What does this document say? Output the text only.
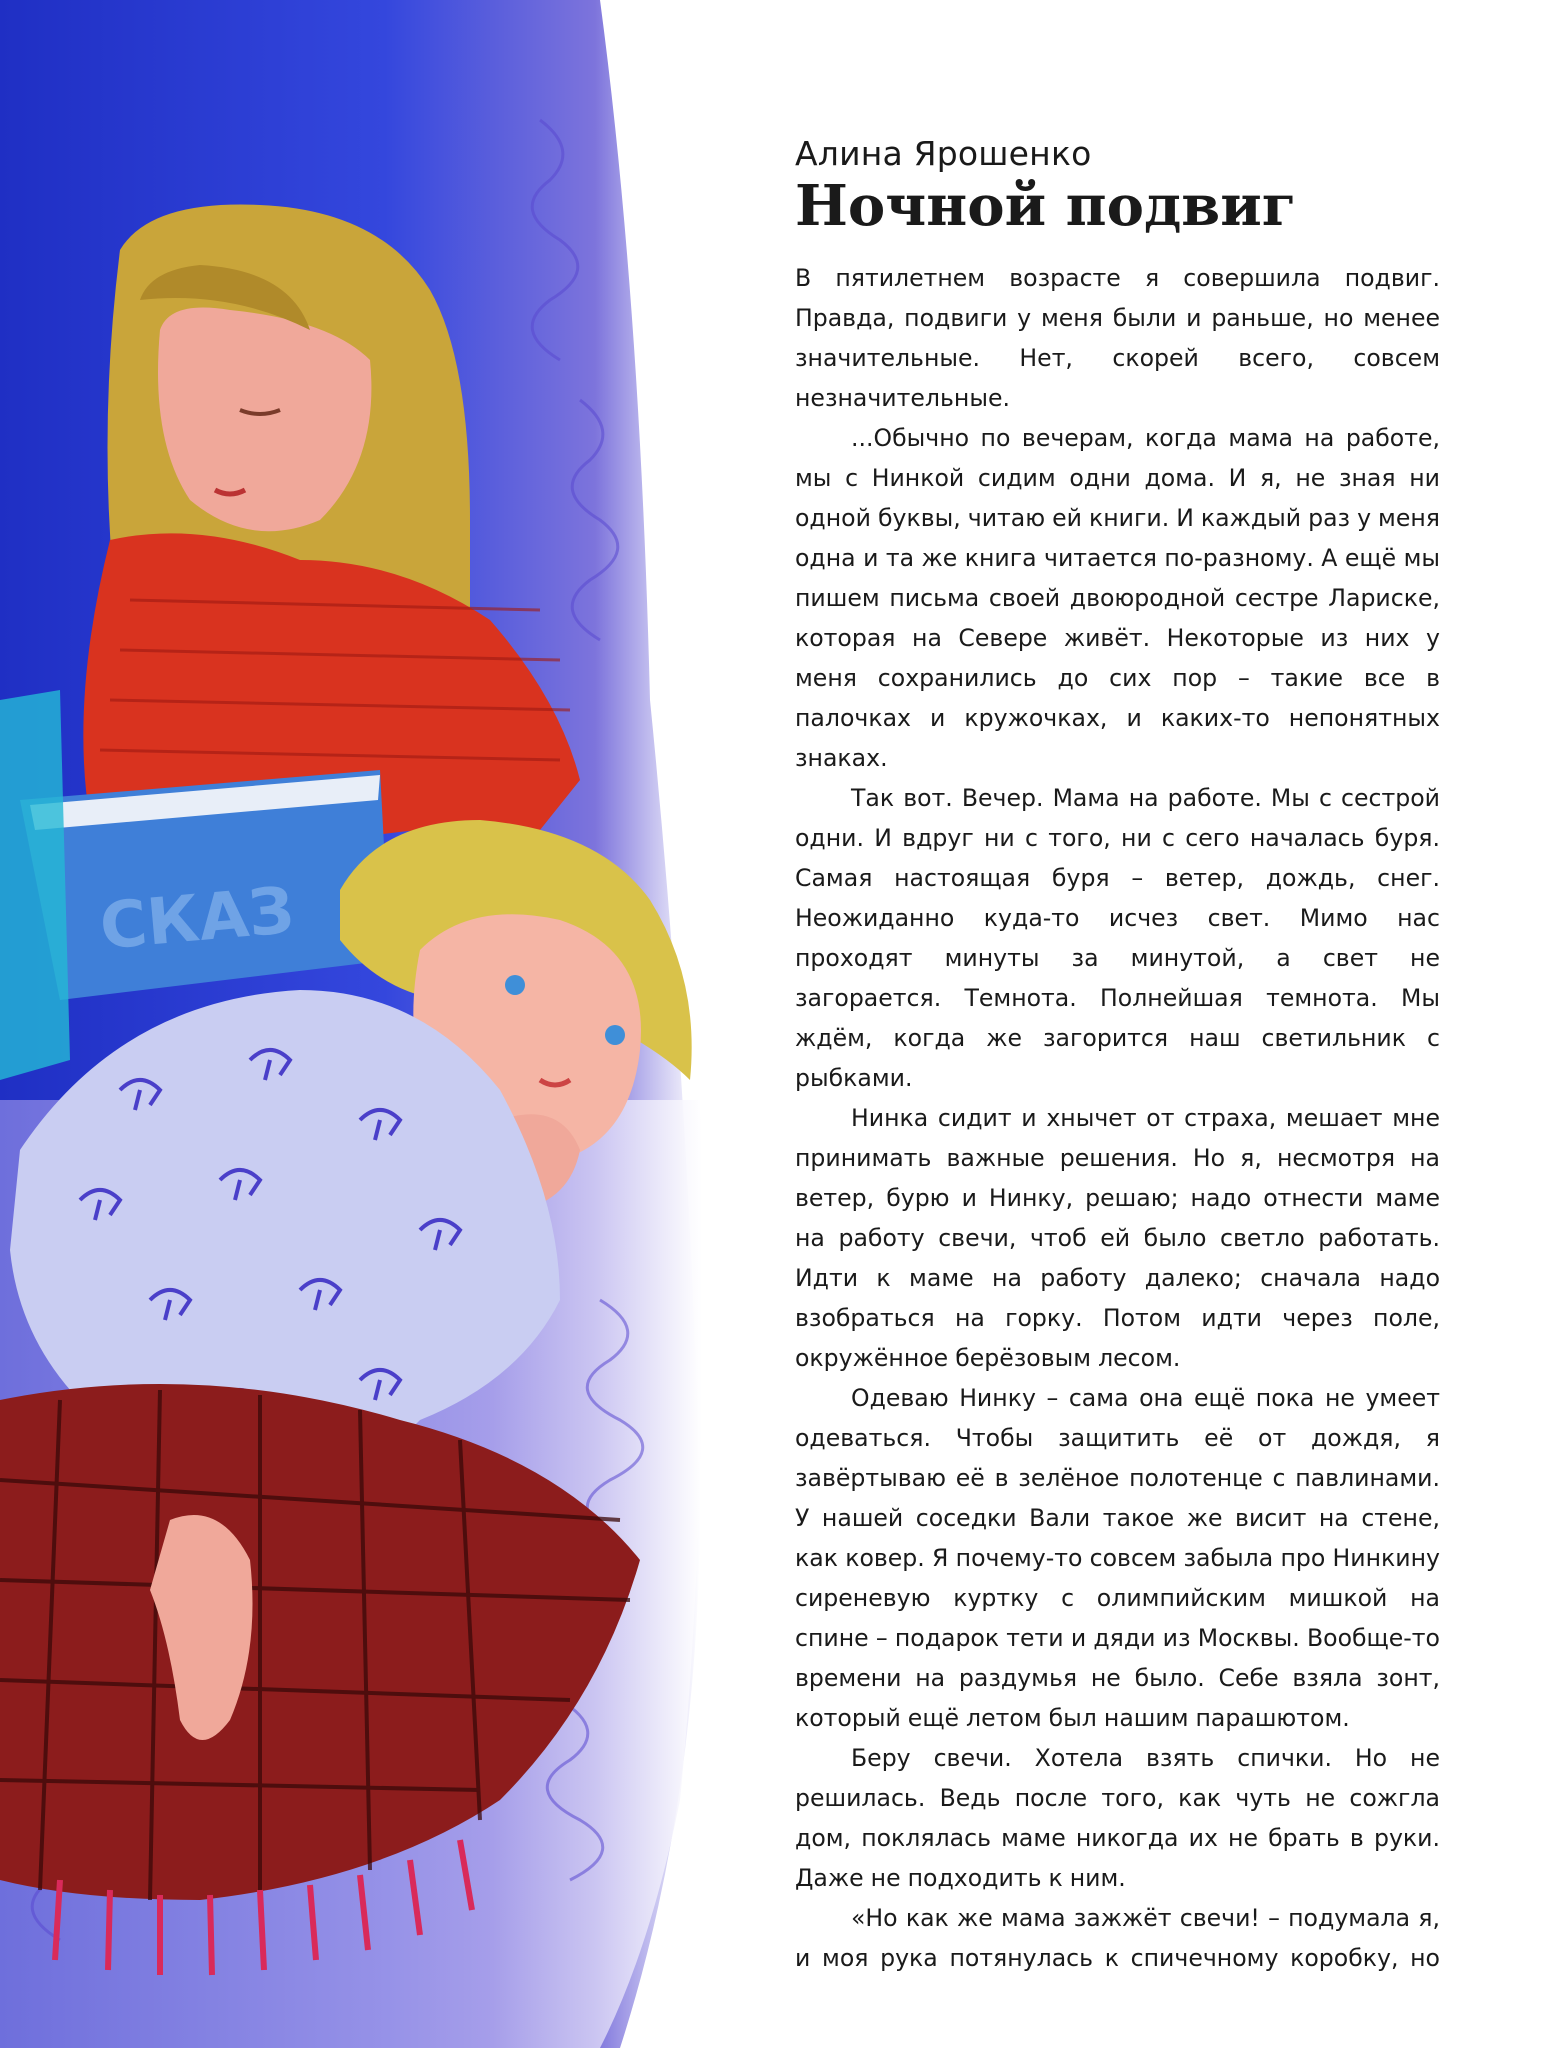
СКАЗ
Алина Ярошенко
Ночной подвиг

В пятилетнем возрасте я совершила подвиг. Правда, подвиги у меня были и раньше, но менее значительные. Нет, скорей всего, совсем незначительные.

...Обычно по вечерам, когда мама на работе, мы с Нинкой сидим одни дома. И я, не зная ни одной буквы, читаю ей книги. И каждый раз у меня одна и та же книга читается по-разному. А ещё мы пишем письма своей двоюродной сестре Лариске, которая на Севере живёт. Некоторые из них у меня сохранились до сих пор – такие все в палочках и кружочках, и каких-то непонятных знаках.

Так вот. Вечер. Мама на работе. Мы с сестрой одни. И вдруг ни с того, ни с сего началась буря. Самая настоящая буря – ветер, дождь, снег. Неожиданно куда-то исчез свет. Мимо нас проходят минуты за минутой, а свет не загорается. Темнота. Полнейшая темнота. Мы ждём, когда же загорится наш светильник с рыбками.

Нинка сидит и хнычет от страха, мешает мне принимать важные решения. Но я, несмотря на ветер, бурю и Нинку, решаю; надо отнести маме на работу свечи, чтоб ей было светло работать. Идти к маме на работу далеко; сначала надо взобраться на горку. Потом идти через поле, окружённое берёзовым лесом.

Одеваю Нинку – сама она ещё пока не умеет одеваться. Чтобы защитить её от дождя, я завёртываю её в зелёное полотенце с павлинами. У нашей соседки Вали такое же висит на стене, как ковер. Я почему-то совсем забыла про Нинкину сиреневую куртку с олимпийским мишкой на спине – подарок тети и дяди из Москвы. Вообще-то времени на раздумья не было. Себе взяла зонт, который ещё летом был нашим парашютом.

Беру свечи. Хотела взять спички. Но не решилась. Ведь после того, как чуть не сожгла дом, поклялась маме никогда их не брать в руки. Даже не подходить к ним.

«Но как же мама зажжёт свечи! – подумала я, и моя рука потянулась к спичечному коробку, но
